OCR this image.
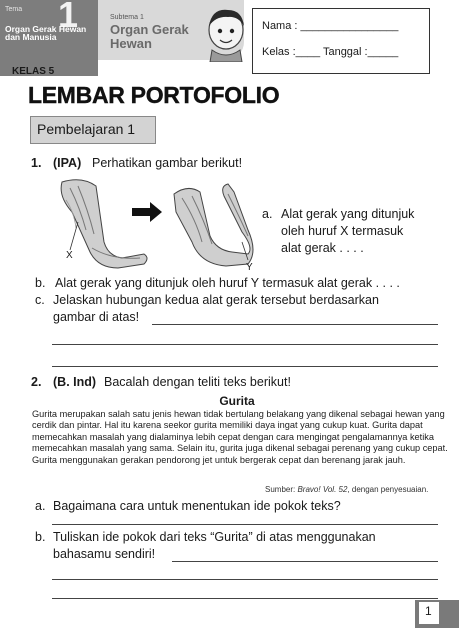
Tema 1
Organ Gerak Hewan dan Manusia
Subtema 1
Organ Gerak Hewan
KELAS 5
Nama : ________________
Kelas :____ Tanggal :_____
LEMBAR PORTOFOLIO
Pembelajaran 1
1. (IPA) Perhatikan gambar berikut!
X
Y
a. Alat gerak yang ditunjuk
oleh huruf X termasuk
alat gerak . . . .
b. Alat gerak yang ditunjuk oleh huruf Y termasuk alat gerak . . . .
c. Jelaskan hubungan kedua alat gerak tersebut berdasarkan
gambar di atas!
2. (B. Ind) Bacalah dengan teliti teks berikut!
Gurita
Gurita merupakan salah satu jenis hewan tidak bertulang belakang yang dikenal sebagai hewan yang cerdik dan pintar. Hal itu karena seekor gurita memiliki daya ingat yang cukup kuat. Gurita dapat memecahkan masalah yang dialaminya lebih cepat dengan cara mengingat pengalamannya ketika memecahkan masalah yang sama. Selain itu, gurita juga dikenal sebagai perenang yang cukup cepat. Gurita menggunakan gerakan pendorong jet untuk bergerak cepat dan berenang jarak jauh.
Sumber: Bravo! Vol. 52, dengan penyesuaian.
a. Bagaimana cara untuk menentukan ide pokok teks?
b. Tuliskan ide pokok dari teks “Gurita” di atas menggunakan
bahasamu sendiri!
1
